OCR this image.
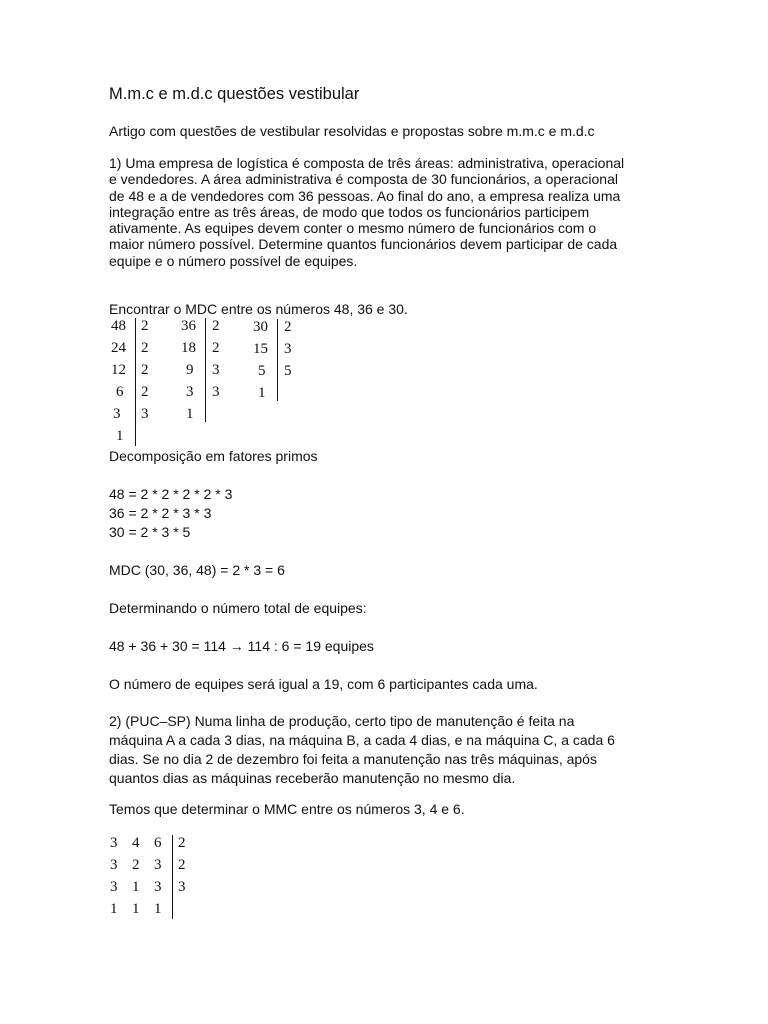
M.m.c e m.d.c questões vestibular

Artigo com questões de vestibular resolvidas e propostas sobre m.m.c e m.d.c

1) Uma empresa de logística é composta de três áreas: administrativa, operacional
e vendedores. A área administrativa é composta de 30 funcionários, a operacional
de 48 e a de vendedores com 36 pessoas. Ao final do ano, a empresa realiza uma
integração entre as três áreas, de modo que todos os funcionários participem
ativamente. As equipes devem conter o mesmo número de funcionários com o
maior número possível. Determine quantos funcionários devem participar de cada
equipe e o número possível de equipes.

Encontrar o MDC entre os números 48, 36 e 30.

48
24
12
6
3
1
2
2
2
2
3
36
18
9
3
1
2
2
3
3
30
15
5
1
2
3
5

Decomposição em fatores primos

48 = 2 * 2 * 2 * 2 * 3

36 = 2 * 2 * 3 * 3

30 = 2 * 3 * 5

MDC (30, 36, 48) = 2 * 3 = 6

Determinando o número total de equipes:

48 + 36 + 30 = 114 → 114 : 6 = 19 equipes

O número de equipes será igual a 19, com 6 participantes cada uma.

2) (PUC–SP) Numa linha de produção, certo tipo de manutenção é feita na
máquina A a cada 3 dias, na máquina B, a cada 4 dias, e na máquina C, a cada 6
dias. Se no dia 2 de dezembro foi feita a manutenção nas três máquinas, após
quantos dias as máquinas receberão manutenção no mesmo dia.

Temos que determinar o MMC entre os números 3, 4 e 6.

3 4 6 2
3 2 3 2
3 1 3 3
1 1 1
